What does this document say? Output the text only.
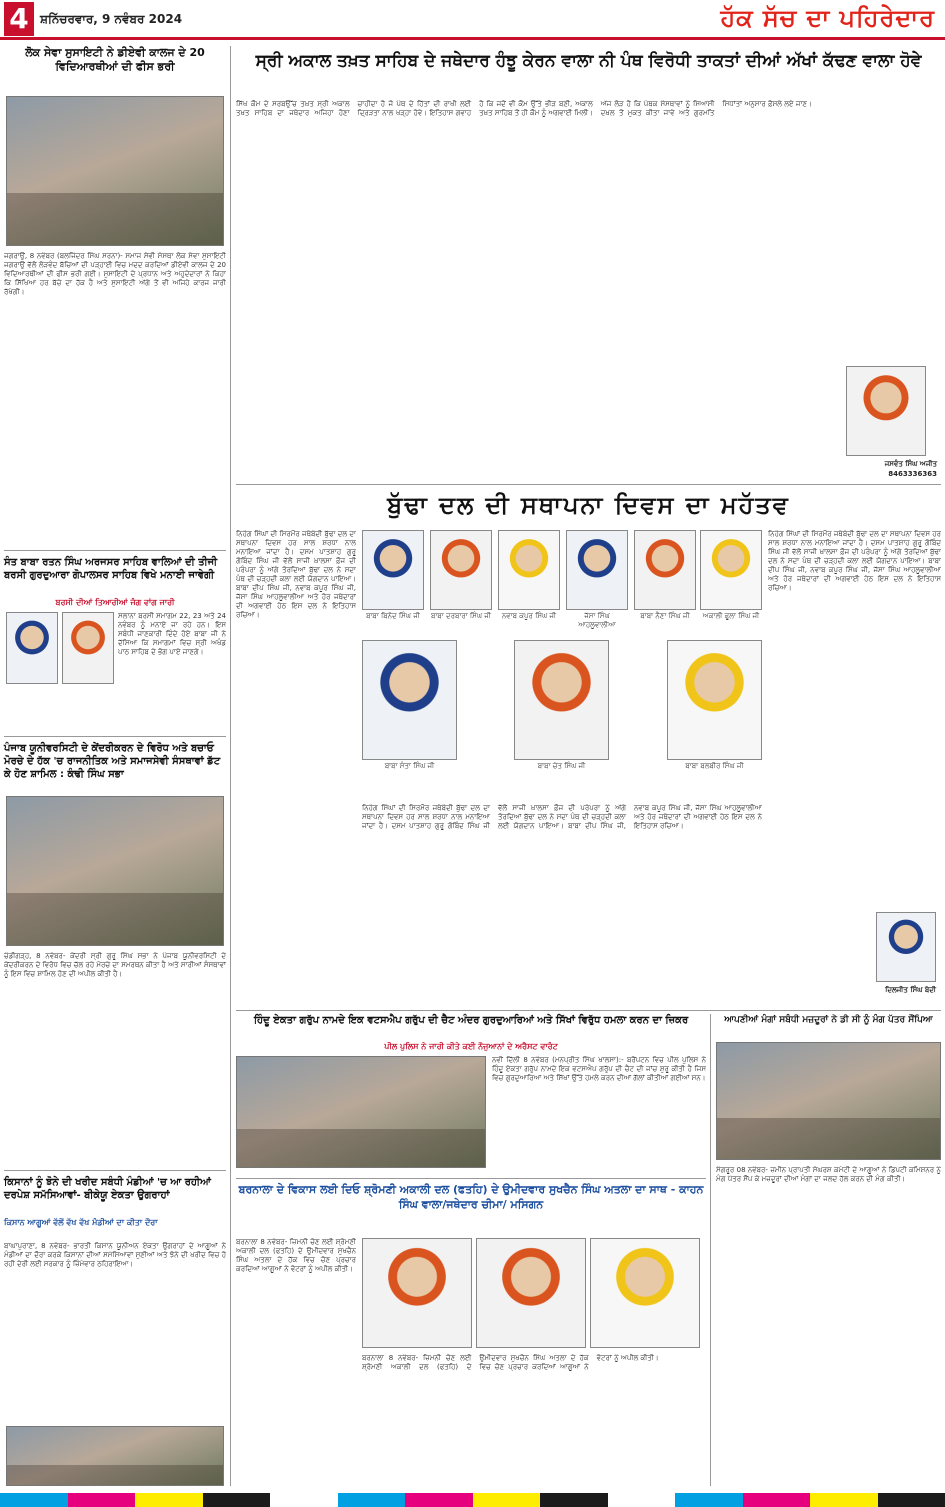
4 ਸ਼ਨਿੱਚਰਵਾਰ, 9 ਨਵੰਬਰ 2024	ਹੱਕ ਸੱਚ ਦਾ ਪਹਿਰੇਦਾਰ
ਲੋਕ ਸੇਵਾ ਸੁਸਾਇਟੀ ਨੇ ਡੀਏਵੀ ਕਾਲਜ ਦੇ 20 ਵਿਦਿਆਰਥੀਆਂ ਦੀ ਫੀਸ ਭਰੀ
ਜਗਰਾਉਂ, 8 ਨਵੰਬਰ (ਬਲਜਿੰਦਰ ਸਿੰਘ ਸਰਨਾ)- ਸਮਾਜ ਸੇਵੀ ਸੰਸਥਾ ਲੋਕ ਸੇਵਾ ਸੁਸਾਇਟੀ ਜਗਰਾਉਂ ਵੱਲੋਂ ਲੋੜਵੰਦ ਬੱਚਿਆਂ ਦੀ ਪੜ੍ਹਾਈ ਵਿਚ ਮਦਦ ਕਰਦਿਆਂ ਡੀਏਵੀ ਕਾਲਜ ਦੇ 20 ਵਿਦਿਆਰਥੀਆਂ ਦੀ ਫੀਸ ਭਰੀ ਗਈ। ਸੁਸਾਇਟੀ ਦੇ ਪ੍ਰਧਾਨ ਅਤੇ ਅਹੁਦੇਦਾਰਾਂ ਨੇ ਕਿਹਾ ਕਿ ਸਿੱਖਿਆ ਹਰ ਬੱਚੇ ਦਾ ਹੱਕ ਹੈ ਅਤੇ ਸੁਸਾਇਟੀ ਅੱਗੇ ਤੋਂ ਵੀ ਅਜਿਹੇ ਕਾਰਜ ਜਾਰੀ ਰੱਖੇਗੀ।
ਸੰਤ ਬਾਬਾ ਰਤਨ ਸਿੰਘ ਅਰਜਸਰ ਸਾਹਿਬ ਵਾਲਿਆਂ ਦੀ ਤੀਜੀ ਬਰਸੀ ਗੁਰਦੁਆਰਾ ਗੋਪਾਲਸਰ ਸਾਹਿਬ ਵਿਖੇ ਮਨਾਈ ਜਾਵੇਗੀ
ਬਰਸੀ ਦੀਆਂ ਤਿਆਰੀਆਂ ਜੰਗ ਵਾਂਗ ਜਾਰੀ
ਸਲਾਨਾ ਬਰਸੀ ਸਮਾਗਮ 22, 23 ਅਤੇ 24 ਨਵੰਬਰ ਨੂੰ ਮਨਾਏ ਜਾ ਰਹੇ ਹਨ। ਇਸ ਸਬੰਧੀ ਜਾਣਕਾਰੀ ਦਿੰਦੇ ਹੋਏ ਬਾਬਾ ਜੀ ਨੇ ਦੱਸਿਆ ਕਿ ਸਮਾਗਮਾਂ ਵਿਚ ਸ੍ਰੀ ਅਖੰਡ ਪਾਠ ਸਾਹਿਬ ਦੇ ਭੋਗ ਪਾਏ ਜਾਣਗੇ।
ਪੰਜਾਬ ਯੂਨੀਵਰਸਿਟੀ ਦੇ ਕੇਂਦਰੀਕਰਨ ਦੇ ਵਿਰੋਧ ਅਤੇ ਬਚਾਓ ਮੋਰਚੇ ਦੇ ਹੱਕ 'ਚ ਰਾਜਨੀਤਿਕ ਅਤੇ ਸਮਾਜਸੇਵੀ ਸੰਸਥਾਵਾਂ ਡੱਟ ਕੇ ਹੋਣ ਸ਼ਾਮਿਲ : ਕੰਢੀ ਸਿੰਘ ਸਭਾ
ਚੰਡੀਗੜ੍ਹ, 8 ਨਵੰਬਰ- ਕੇਂਦਰੀ ਸ੍ਰੀ ਗੁਰੂ ਸਿੰਘ ਸਭਾ ਨੇ ਪੰਜਾਬ ਯੂਨੀਵਰਸਿਟੀ ਦੇ ਕੇਂਦਰੀਕਰਨ ਦੇ ਵਿਰੋਧ ਵਿਚ ਚੱਲ ਰਹੇ ਮੋਰਚੇ ਦਾ ਸਮਰਥਨ ਕੀਤਾ ਹੈ ਅਤੇ ਸਾਰੀਆਂ ਸੰਸਥਾਵਾਂ ਨੂੰ ਇਸ ਵਿਚ ਸ਼ਾਮਿਲ ਹੋਣ ਦੀ ਅਪੀਲ ਕੀਤੀ ਹੈ।
ਕਿਸਾਨਾਂ ਨੂੰ ਝੋਨੇ ਦੀ ਖਰੀਦ ਸਬੰਧੀ ਮੰਡੀਆਂ 'ਚ ਆ ਰਹੀਆਂ ਦਰਪੇਸ਼ ਸਮੱਸਿਆਵਾਂ- ਬੀਕੇਯੂ ਏਕਤਾ ਉਗਰਾਹਾਂ
ਕਿਸਾਨ ਆਗੂਆਂ ਵੱਲੋਂ ਵੱਖ ਵੱਖ ਮੰਡੀਆਂ ਦਾ ਕੀਤਾ ਦੌਰਾ
ਬਾਘਾਪੁਰਾਣਾ, 8 ਨਵੰਬਰ- ਭਾਰਤੀ ਕਿਸਾਨ ਯੂਨੀਅਨ ਏਕਤਾ ਉਗਰਾਹਾਂ ਦੇ ਆਗੂਆਂ ਨੇ ਮੰਡੀਆਂ ਦਾ ਦੌਰਾ ਕਰਕੇ ਕਿਸਾਨਾਂ ਦੀਆਂ ਸਮੱਸਿਆਵਾਂ ਸੁਣੀਆਂ ਅਤੇ ਝੋਨੇ ਦੀ ਖਰੀਦ ਵਿਚ ਹੋ ਰਹੀ ਦੇਰੀ ਲਈ ਸਰਕਾਰ ਨੂੰ ਜ਼ਿੰਮੇਵਾਰ ਠਹਿਰਾਇਆ।
ਸ੍ਰੀ ਅਕਾਲ ਤਖ਼ਤ ਸਾਹਿਬ ਦੇ ਜਥੇਦਾਰ ਹੰਝੂ ਕੇਰਨ ਵਾਲਾ ਨੀ ਪੰਥ ਵਿਰੋਧੀ ਤਾਕਤਾਂ ਦੀਆਂ ਅੱਖਾਂ ਕੱਢਣ ਵਾਲਾ ਹੋਵੇ
ਸਿੱਖ ਕੌਮ ਦੇ ਸਰਬਉੱਚ ਤਖ਼ਤ ਸ੍ਰੀ ਅਕਾਲ ਤਖ਼ਤ ਸਾਹਿਬ ਦਾ ਜਥੇਦਾਰ ਅਜਿਹਾ ਹੋਣਾ ਚਾਹੀਦਾ ਹੈ ਜੋ ਪੰਥ ਦੇ ਹਿੱਤਾਂ ਦੀ ਰਾਖੀ ਲਈ ਦ੍ਰਿੜਤਾ ਨਾਲ ਖੜ੍ਹਾ ਹੋਵੇ। ਇਤਿਹਾਸ ਗਵਾਹ ਹੈ ਕਿ ਜਦੋਂ ਵੀ ਕੌਮ ਉੱਤੇ ਭੀੜ ਬਣੀ, ਅਕਾਲ ਤਖ਼ਤ ਸਾਹਿਬ ਤੋਂ ਹੀ ਕੌਮ ਨੂੰ ਅਗਵਾਈ ਮਿਲੀ। ਅੱਜ ਲੋੜ ਹੈ ਕਿ ਪੰਥਕ ਸੰਸਥਾਵਾਂ ਨੂੰ ਸਿਆਸੀ ਦਖ਼ਲ ਤੋਂ ਮੁਕਤ ਕੀਤਾ ਜਾਵੇ ਅਤੇ ਗੁਰਮਤਿ ਸਿਧਾਂਤਾਂ ਅਨੁਸਾਰ ਫ਼ੈਸਲੇ ਲਏ ਜਾਣ।
ਜਸਵੰਤ ਸਿੰਘ ਅਜੀਤ
8463336363
ਬੁੱਢਾ ਦਲ ਦੀ ਸਥਾਪਨਾ ਦਿਵਸ ਦਾ ਮਹੱਤਵ
ਨਿਹੰਗ ਸਿੰਘਾਂ ਦੀ ਸਿਰਮੌਰ ਜਥੇਬੰਦੀ ਬੁੱਢਾ ਦਲ ਦਾ ਸਥਾਪਨਾ ਦਿਵਸ ਹਰ ਸਾਲ ਸ਼ਰਧਾ ਨਾਲ ਮਨਾਇਆ ਜਾਂਦਾ ਹੈ। ਦਸਮ ਪਾਤਸ਼ਾਹ ਗੁਰੂ ਗੋਬਿੰਦ ਸਿੰਘ ਜੀ ਵੱਲੋਂ ਸਾਜੀ ਖ਼ਾਲਸਾ ਫ਼ੌਜ ਦੀ ਪਰੰਪਰਾ ਨੂੰ ਅੱਗੇ ਤੋਰਦਿਆਂ ਬੁੱਢਾ ਦਲ ਨੇ ਸਦਾ ਪੰਥ ਦੀ ਚੜ੍ਹਦੀ ਕਲਾ ਲਈ ਯੋਗਦਾਨ ਪਾਇਆ। ਬਾਬਾ ਦੀਪ ਸਿੰਘ ਜੀ, ਨਵਾਬ ਕਪੂਰ ਸਿੰਘ ਜੀ, ਜੱਸਾ ਸਿੰਘ ਆਹਲੂਵਾਲੀਆ ਅਤੇ ਹੋਰ ਜਥੇਦਾਰਾਂ ਦੀ ਅਗਵਾਈ ਹੇਠ ਇਸ ਦਲ ਨੇ ਇਤਿਹਾਸ ਰਚਿਆ।	ਬਾਬਾ ਬਿਨੋਦ ਸਿੰਘ ਜੀ	ਬਾਬਾ ਦਰਬਾਰਾ ਸਿੰਘ ਜੀ	ਨਵਾਬ ਕਪੂਰ ਸਿੰਘ ਜੀ	ਜੱਸਾ ਸਿੰਘ ਆਹਲੂਵਾਲੀਆ
ਬਾਬਾ ਨੈਣਾ ਸਿੰਘ ਜੀ	ਅਕਾਲੀ ਫੂਲਾ ਸਿੰਘ ਜੀ
ਬਾਬਾ ਸੰਤਾ ਸਿੰਘ ਜੀ	ਬਾਬਾ ਚੇਤ ਸਿੰਘ ਜੀ	ਬਾਬਾ ਬਲਬੀਰ ਸਿੰਘ ਜੀ
ਨਿਹੰਗ ਸਿੰਘਾਂ ਦੀ ਸਿਰਮੌਰ ਜਥੇਬੰਦੀ ਬੁੱਢਾ ਦਲ ਦਾ ਸਥਾਪਨਾ ਦਿਵਸ ਹਰ ਸਾਲ ਸ਼ਰਧਾ ਨਾਲ ਮਨਾਇਆ ਜਾਂਦਾ ਹੈ। ਦਸਮ ਪਾਤਸ਼ਾਹ ਗੁਰੂ ਗੋਬਿੰਦ ਸਿੰਘ ਜੀ ਵੱਲੋਂ ਸਾਜੀ ਖ਼ਾਲਸਾ ਫ਼ੌਜ ਦੀ ਪਰੰਪਰਾ ਨੂੰ ਅੱਗੇ ਤੋਰਦਿਆਂ ਬੁੱਢਾ ਦਲ ਨੇ ਸਦਾ ਪੰਥ ਦੀ ਚੜ੍ਹਦੀ ਕਲਾ ਲਈ ਯੋਗਦਾਨ ਪਾਇਆ। ਬਾਬਾ ਦੀਪ ਸਿੰਘ ਜੀ, ਨਵਾਬ ਕਪੂਰ ਸਿੰਘ ਜੀ, ਜੱਸਾ ਸਿੰਘ ਆਹਲੂਵਾਲੀਆ ਅਤੇ ਹੋਰ ਜਥੇਦਾਰਾਂ ਦੀ ਅਗਵਾਈ ਹੇਠ ਇਸ ਦਲ ਨੇ ਇਤਿਹਾਸ ਰਚਿਆ।
ਨਿਹੰਗ ਸਿੰਘਾਂ ਦੀ ਸਿਰਮੌਰ ਜਥੇਬੰਦੀ ਬੁੱਢਾ ਦਲ ਦਾ ਸਥਾਪਨਾ ਦਿਵਸ ਹਰ ਸਾਲ ਸ਼ਰਧਾ ਨਾਲ ਮਨਾਇਆ ਜਾਂਦਾ ਹੈ। ਦਸਮ ਪਾਤਸ਼ਾਹ ਗੁਰੂ ਗੋਬਿੰਦ ਸਿੰਘ ਜੀ ਵੱਲੋਂ ਸਾਜੀ ਖ਼ਾਲਸਾ ਫ਼ੌਜ ਦੀ ਪਰੰਪਰਾ ਨੂੰ ਅੱਗੇ ਤੋਰਦਿਆਂ ਬੁੱਢਾ ਦਲ ਨੇ ਸਦਾ ਪੰਥ ਦੀ ਚੜ੍ਹਦੀ ਕਲਾ ਲਈ ਯੋਗਦਾਨ ਪਾਇਆ। ਬਾਬਾ ਦੀਪ ਸਿੰਘ ਜੀ, ਨਵਾਬ ਕਪੂਰ ਸਿੰਘ ਜੀ, ਜੱਸਾ ਸਿੰਘ ਆਹਲੂਵਾਲੀਆ ਅਤੇ ਹੋਰ ਜਥੇਦਾਰਾਂ ਦੀ ਅਗਵਾਈ ਹੇਠ ਇਸ ਦਲ ਨੇ ਇਤਿਹਾਸ ਰਚਿਆ।
ਦਿਲਜੀਤ ਸਿੰਘ ਬੇਦੀ
ਹਿੰਦੂ ਏਕਤਾ ਗਰੁੱਪ ਨਾਮਦੇ ਇਕ ਵਟਸਐਪ ਗਰੁੱਪ ਦੀ ਚੈਟ ਅੰਦਰ ਗੁਰਦੁਆਰਿਆਂ ਅਤੇ ਸਿੱਖਾਂ ਵਿਰੁੱਧ ਹਮਲਾ ਕਰਨ ਦਾ ਜ਼ਿਕਰ
ਪੀਲ ਪੁਲਿਸ ਨੇ ਜਾਰੀ ਕੀਤੇ ਕਈ ਨੌਜੁਆਨਾਂ ਦੇ ਅਰੈਸਟ ਵਾਰੰਟ
ਨਵੀਂ ਦਿੱਲੀ 8 ਨਵੰਬਰ (ਮਨਪ੍ਰੀਤ ਸਿੰਘ ਖਾਲਸਾ):- ਬਰੈਂਪਟਨ ਵਿਚ ਪੀਲ ਪੁਲਿਸ ਨੇ ਹਿੰਦੂ ਏਕਤਾ ਗਰੁੱਪ ਨਾਮਦੇ ਇਕ ਵਟਸਐਪ ਗਰੁੱਪ ਦੀ ਚੈਟ ਦੀ ਜਾਂਚ ਸ਼ੁਰੂ ਕੀਤੀ ਹੈ ਜਿਸ ਵਿਚ ਗੁਰਦੁਆਰਿਆਂ ਅਤੇ ਸਿੱਖਾਂ ਉੱਤੇ ਹਮਲੇ ਕਰਨ ਦੀਆਂ ਗੱਲਾਂ ਕੀਤੀਆਂ ਗਈਆਂ ਸਨ।
ਆਪਣੀਆਂ ਮੰਗਾਂ ਸਬੰਧੀ ਮਜ਼ਦੂਰਾਂ ਨੇ ਡੀ ਸੀ ਨੂੰ ਮੰਗ ਪੱਤਰ ਸੌਂਪਿਆ
ਸੰਗਰੂਰ 08 ਨਵੰਬਰ- ਜ਼ਮੀਨ ਪ੍ਰਾਪਤੀ ਸੰਘਰਸ਼ ਕਮੇਟੀ ਦੇ ਆਗੂਆਂ ਨੇ ਡਿਪਟੀ ਕਮਿਸ਼ਨਰ ਨੂੰ ਮੰਗ ਪੱਤਰ ਸੌਂਪ ਕੇ ਮਜ਼ਦੂਰਾਂ ਦੀਆਂ ਮੰਗਾਂ ਦਾ ਜਲਦ ਹੱਲ ਕਰਨ ਦੀ ਮੰਗ ਕੀਤੀ।
ਬਰਨਾਲਾ ਦੇ ਵਿਕਾਸ ਲਈ ਦਿਓ ਸ਼੍ਰੋਮਣੀ ਅਕਾਲੀ ਦਲ (ਫਤਹਿ) ਦੇ ਉਮੀਦਵਾਰ ਸੁਖਚੈਨ ਸਿੰਘ ਅਤਲਾ ਦਾ ਸਾਥ - ਕਾਹਨ ਸਿੰਘ ਵਾਲਾ/ਜਥੇਦਾਰ ਚੀਮਾ/ ਮਸਿਗਨ
ਬਰਨਾਲਾ 8 ਨਵੰਬਰ- ਜ਼ਿਮਨੀ ਚੋਣ ਲਈ ਸ਼੍ਰੋਮਣੀ ਅਕਾਲੀ ਦਲ (ਫਤਹਿ) ਦੇ ਉਮੀਦਵਾਰ ਸੁਖਚੈਨ ਸਿੰਘ ਅਤਲਾ ਦੇ ਹੱਕ ਵਿਚ ਚੋਣ ਪ੍ਰਚਾਰ ਕਰਦਿਆਂ ਆਗੂਆਂ ਨੇ ਵੋਟਰਾਂ ਨੂੰ ਅਪੀਲ ਕੀਤੀ।
ਬਰਨਾਲਾ 8 ਨਵੰਬਰ- ਜ਼ਿਮਨੀ ਚੋਣ ਲਈ ਸ਼੍ਰੋਮਣੀ ਅਕਾਲੀ ਦਲ (ਫਤਹਿ) ਦੇ ਉਮੀਦਵਾਰ ਸੁਖਚੈਨ ਸਿੰਘ ਅਤਲਾ ਦੇ ਹੱਕ ਵਿਚ ਚੋਣ ਪ੍ਰਚਾਰ ਕਰਦਿਆਂ ਆਗੂਆਂ ਨੇ ਵੋਟਰਾਂ ਨੂੰ ਅਪੀਲ ਕੀਤੀ।
